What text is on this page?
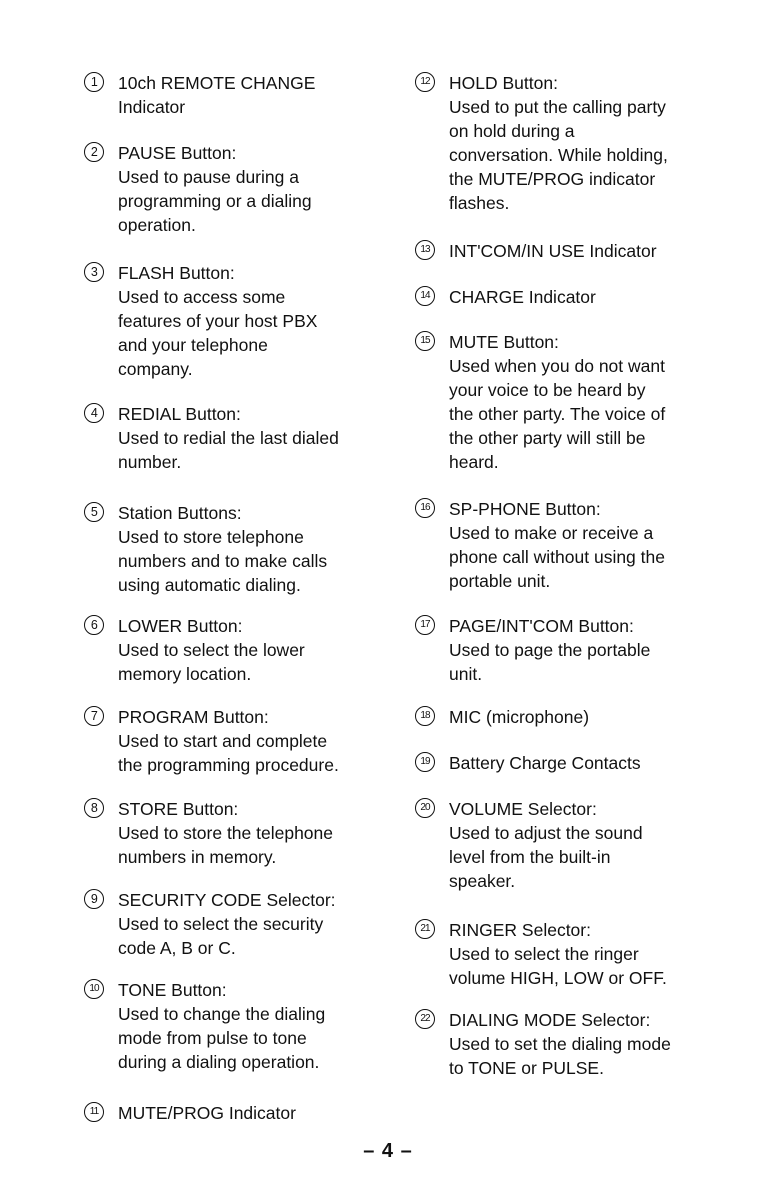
1	10ch REMOTE CHANGE
Indicator
2	PAUSE Button:
Used to pause during a
programming or a dialing
operation.
3	FLASH Button:
Used to access some
features of your host PBX
and your telephone
company.
4	REDIAL Button:
Used to redial the last dialed
number.
5	Station Buttons:
Used to store telephone
numbers and to make calls
using automatic dialing.
6	LOWER Button:
Used to select the lower
memory location.
7	PROGRAM Button:
Used to start and complete
the programming procedure.
8	STORE Button:
Used to store the telephone
numbers in memory.
9	SECURITY CODE Selector:
Used to select the security
code A, B or C.
10	TONE Button:
Used to change the dialing
mode from pulse to tone
during a dialing operation.
11	MUTE/PROG Indicator
12	HOLD Button:
Used to put the calling party
on hold during a
conversation. While holding,
the MUTE/PROG indicator
flashes.
13	INT'COM/IN USE Indicator
14	CHARGE Indicator
15	MUTE Button:
Used when you do not want
your voice to be heard by
the other party. The voice of
the other party will still be
heard.
16	SP-PHONE Button:
Used to make or receive a
phone call without using the
portable unit.
17	PAGE/INT'COM Button:
Used to page the portable
unit.
18	MIC (microphone)
19	Battery Charge Contacts
20	VOLUME Selector:
Used to adjust the sound
level from the built-in
speaker.
21	RINGER Selector:
Used to select the ringer
volume HIGH, LOW or OFF.
22	DIALING MODE Selector:
Used to set the dialing mode
to TONE or PULSE.
– 4 –
